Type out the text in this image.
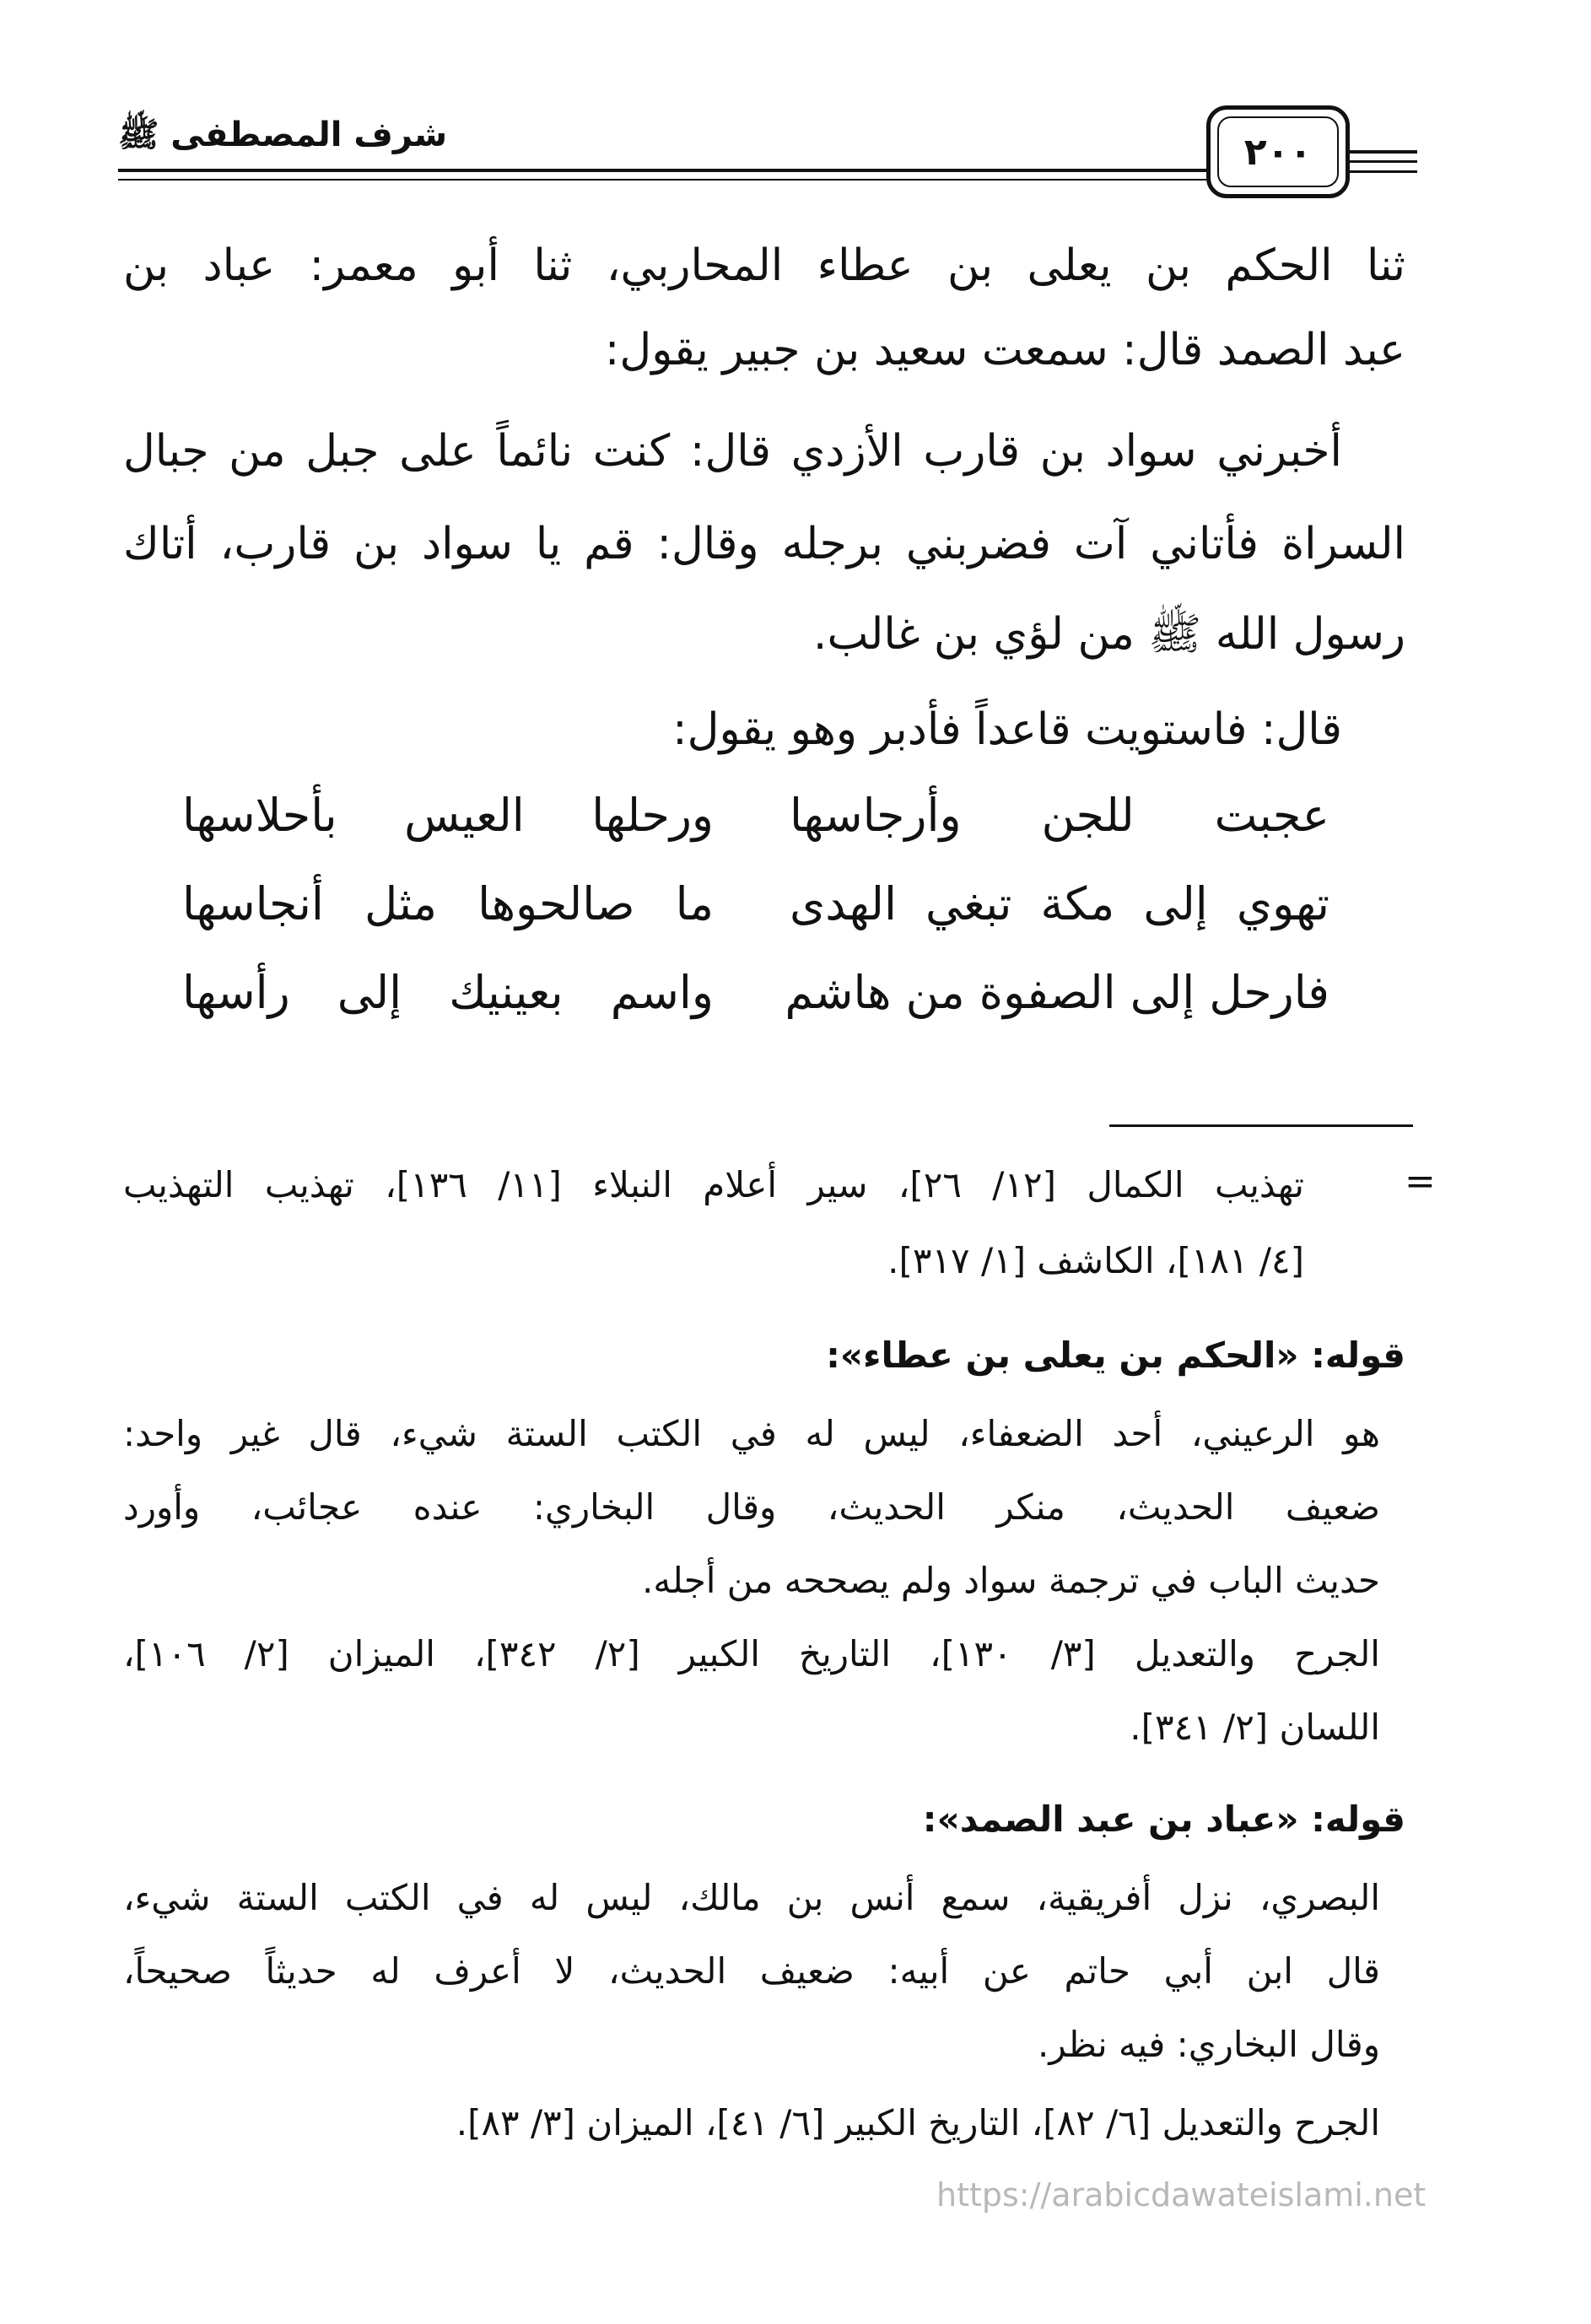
شرف المصطفى ﷺ	٢٠٠
ثنا الحكم بن يعلى بن عطاء المحاربي، ثنا أبو معمر: عباد بن
عبد الصمد قال: سمعت سعيد بن جبير يقول:
أخبرني سواد بن قارب الأزدي قال: كنت نائماً على جبل من جبال
السراة فأتاني آت فضربني برجله وقال: قم يا سواد بن قارب، أتاك
رسول الله ﷺ من لؤي بن غالب.
قال: فاستويت قاعداً فأدبر وهو يقول:
عجبت للجن وأرجاسها
ورحلها العيس بأحلاسها
تهوي إلى مكة تبغي الهدى
ما صالحوها مثل أنجاسها
فارحل إلى الصفوة من هاشم
واسم بعينيك إلى رأسها
=
تهذيب الكمال [١٢/ ٢٦]، سير أعلام النبلاء [١١/ ١٣٦]، تهذيب التهذيب
[٤/ ١٨١]، الكاشف [١/ ٣١٧].
قوله: «الحكم بن يعلى بن عطاء»:
هو الرعيني، أحد الضعفاء، ليس له في الكتب الستة شيء، قال غير واحد:
ضعيف الحديث، منكر الحديث، وقال البخاري: عنده عجائب، وأورد
حديث الباب في ترجمة سواد ولم يصححه من أجله.
الجرح والتعديل [٣/ ١٣٠]، التاريخ الكبير [٢/ ٣٤٢]، الميزان [٢/ ١٠٦]،
اللسان [٢/ ٣٤١].
قوله: «عباد بن عبد الصمد»:
البصري، نزل أفريقية، سمع أنس بن مالك، ليس له في الكتب الستة شيء،
قال ابن أبي حاتم عن أبيه: ضعيف الحديث، لا أعرف له حديثاً صحيحاً،
وقال البخاري: فيه نظر.
الجرح والتعديل [٦/ ٨٢]، التاريخ الكبير [٦/ ٤١]، الميزان [٣/ ٨٣].
https://arabicdawateislami.net
